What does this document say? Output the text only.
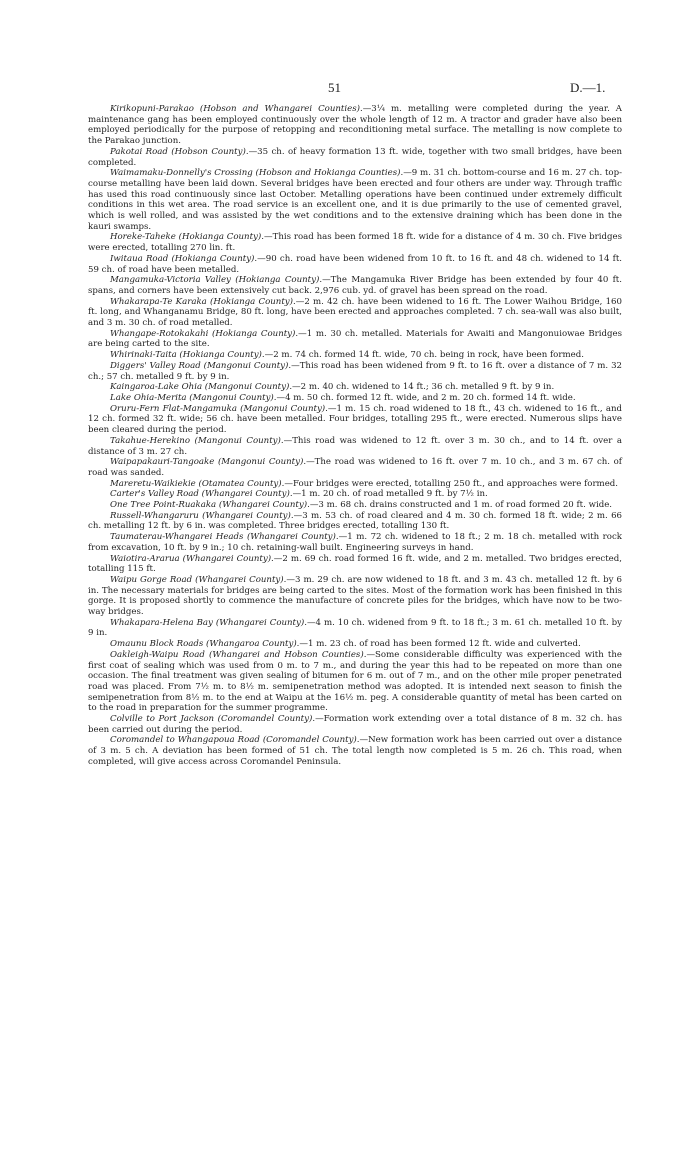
51	D.—1.

Kirikopuni-Parakao (Hobson and Whangarei Counties).—3¼ m. metalling were completed during the year. A maintenance gang has been employed continuously over the whole length of 12 m. A tractor and grader have also been employed periodically for the purpose of retopping and reconditioning metal surface. The metalling is now complete to the Parakao junction.

Pakotai Road (Hobson County).—35 ch. of heavy formation 13 ft. wide, together with two small bridges, have been completed.

Waimamaku-Donnelly's Crossing (Hobson and Hokianga Counties).—9 m. 31 ch. bottom-course and 16 m. 27 ch. top-course metalling have been laid down. Several bridges have been erected and four others are under way. Through traffic has used this road continuously since last October. Metalling operations have been continued under extremely difficult conditions in this wet area. The road service is an excellent one, and it is due primarily to the use of cemented gravel, which is well rolled, and was assisted by the wet conditions and to the extensive draining which has been done in the kauri swamps.

Horeke-Taheke (Hokianga County).—This road has been formed 18 ft. wide for a distance of 4 m. 30 ch. Five bridges were erected, totalling 270 lin. ft.

Iwitaua Road (Hokianga County).—90 ch. road have been widened from 10 ft. to 16 ft. and 48 ch. widened to 14 ft. 59 ch. of road have been metalled.

Mangamuka-Victoria Valley (Hokianga County).—The Mangamuka River Bridge has been extended by four 40 ft. spans, and corners have been extensively cut back. 2,976 cub. yd. of gravel has been spread on the road.

Whakarapa-Te Karaka (Hokianga County).—2 m. 42 ch. have been widened to 16 ft. The Lower Waihou Bridge, 160 ft. long, and Whanganamu Bridge, 80 ft. long, have been erected and approaches completed. 7 ch. sea-wall was also built, and 3 m. 30 ch. of road metalled.

Whangape-Rotokakahi (Hokianga County).—1 m. 30 ch. metalled. Materials for Awaiti and Mangonuiowae Bridges are being carted to the site.

Whirinaki-Taita (Hokianga County).—2 m. 74 ch. formed 14 ft. wide, 70 ch. being in rock, have been formed.

Diggers' Valley Road (Mangonui County).—This road has been widened from 9 ft. to 16 ft. over a distance of 7 m. 32 ch.; 57 ch. metalled 9 ft. by 9 in.

Kaingaroa-Lake Ohia (Mangonui County).—2 m. 40 ch. widened to 14 ft.; 36 ch. metalled 9 ft. by 9 in.

Lake Ohia-Merita (Mangonui County).—4 m. 50 ch. formed 12 ft. wide, and 2 m. 20 ch. formed 14 ft. wide.

Oruru-Fern Flat-Mangamuka (Mangonui County).—1 m. 15 ch. road widened to 18 ft., 43 ch. widened to 16 ft., and 12 ch. formed 32 ft. wide; 56 ch. have been metalled. Four bridges, totalling 295 ft., were erected. Numerous slips have been cleared during the period.

Takahue-Herekino (Mangonui County).—This road was widened to 12 ft. over 3 m. 30 ch., and to 14 ft. over a distance of 3 m. 27 ch.

Waipapakauri-Tangoake (Mangonui County).—The road was widened to 16 ft. over 7 m. 10 ch., and 3 m. 67 ch. of road was sanded.

Mareretu-Waikiekie (Otamatea County).—Four bridges were erected, totalling 250 ft., and approaches were formed.

Carter's Valley Road (Whangarei County).—1 m. 20 ch. of road metalled 9 ft. by 7½ in.

One Tree Point-Ruakaka (Whangarei County).—3 m. 68 ch. drains constructed and 1 m. of road formed 20 ft. wide.

Russell-Whangaruru (Whangarei County).—3 m. 53 ch. of road cleared and 4 m. 30 ch. formed 18 ft. wide; 2 m. 66 ch. metalling 12 ft. by 6 in. was completed. Three bridges erected, totalling 130 ft.

Taumaterau-Whangarei Heads (Whangarei County).—1 m. 72 ch. widened to 18 ft.; 2 m. 18 ch. metalled with rock from excavation, 10 ft. by 9 in.; 10 ch. retaining-wall built. Engineering surveys in hand.

Waiotira-Ararua (Whangarei County).—2 m. 69 ch. road formed 16 ft. wide, and 2 m. metalled. Two bridges erected, totalling 115 ft.

Waipu Gorge Road (Whangarei County).—3 m. 29 ch. are now widened to 18 ft. and 3 m. 43 ch. metalled 12 ft. by 6 in. The necessary materials for bridges are being carted to the sites. Most of the formation work has been finished in this gorge. It is proposed shortly to commence the manufacture of concrete piles for the bridges, which have now to be two-way bridges.

Whakapara-Helena Bay (Whangarei County).—4 m. 10 ch. widened from 9 ft. to 18 ft.; 3 m. 61 ch. metalled 10 ft. by 9 in.

Omaunu Block Roads (Whangaroa County).—1 m. 23 ch. of road has been formed 12 ft. wide and culverted.

Oakleigh-Waipu Road (Whangarei and Hobson Counties).—Some considerable difficulty was experienced with the first coat of sealing which was used from 0 m. to 7 m., and during the year this had to be repeated on more than one occasion. The final treatment was given sealing of bitumen for 6 m. out of 7 m., and on the other mile proper penetrated road was placed. From 7½ m. to 8½ m. semipenetration method was adopted. It is intended next season to finish the semipenetration from 8½ m. to the end at Waipu at the 16½ m. peg. A considerable quantity of metal has been carted on to the road in preparation for the summer programme.

Colville to Port Jackson (Coromandel County).—Formation work extending over a total distance of 8 m. 32 ch. has been carried out during the period.

Coromandel to Whangapoua Road (Coromandel County).—New formation work has been carried out over a distance of 3 m. 5 ch. A deviation has been formed of 51 ch. The total length now completed is 5 m. 26 ch. This road, when completed, will give access across Coromandel Peninsula.
